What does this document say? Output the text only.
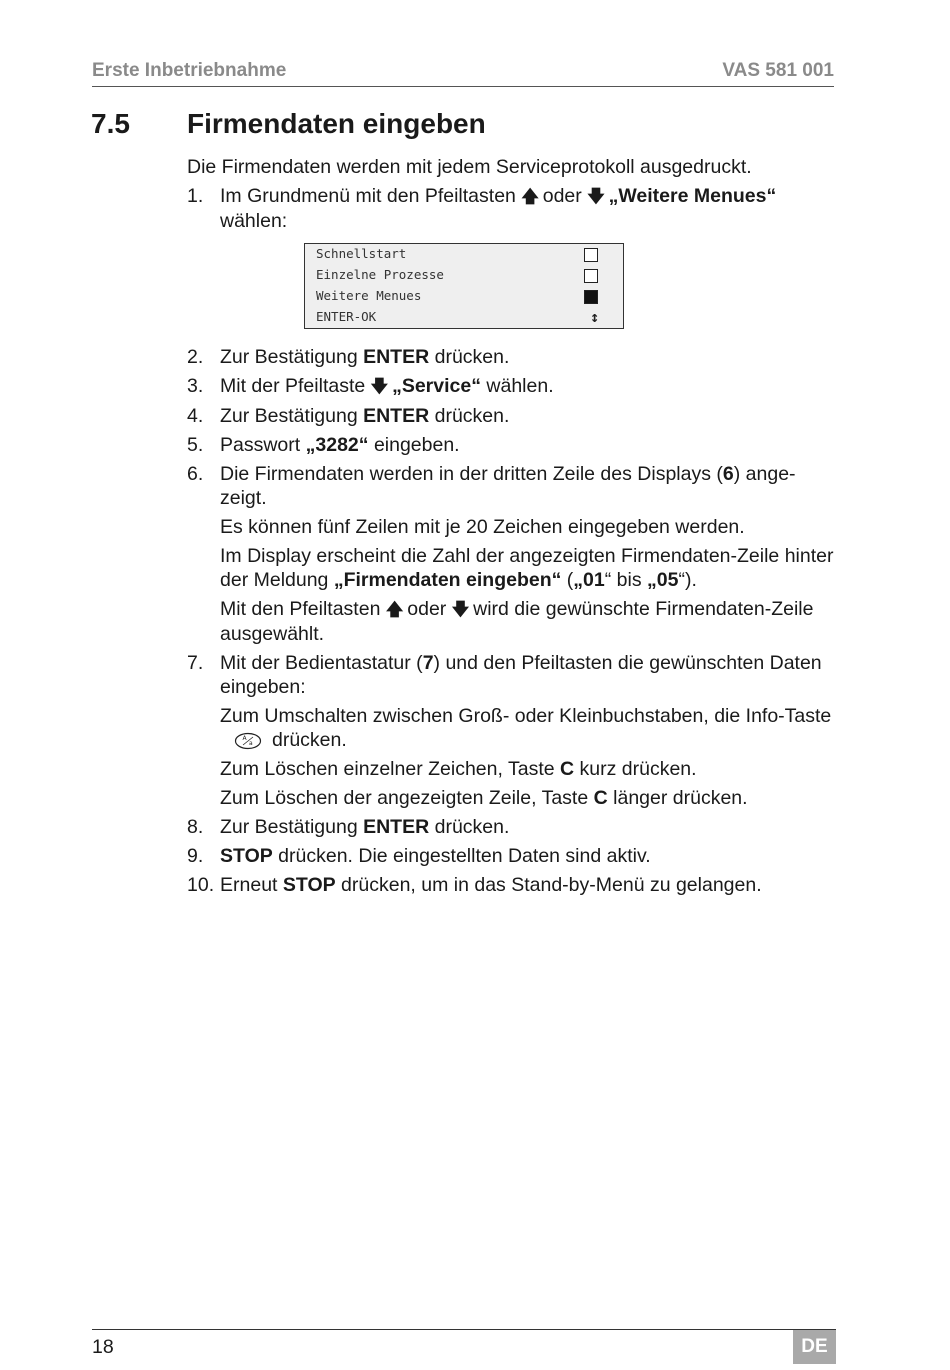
Erste Inbetriebnahme	VAS 581 001
7.5 Firmendaten eingeben

Die Firmendaten werden mit jedem Serviceprotokoll ausgedruckt.

1. Im Grundmenü mit den Pfeiltasten 🡅 oder 🡇 „Weitere Menues“ wählen:

Schnellstart
Einzelne Prozesse
Weitere Menues
ENTER-OK	↕
2. Zur Bestätigung ENTER drücken.

3. Mit der Pfeiltaste 🡇 „Service“ wählen.

4. Zur Bestätigung ENTER drücken.

5. Passwort „3282“ eingeben.

6. Die Firmendaten werden in der dritten Zeile des Displays (6) ange-zeigt.

Es können fünf Zeilen mit je 20 Zeichen eingegeben werden.

Im Display erscheint die Zahl der angezeigten Firmendaten-Zeile hinter der Meldung „Firmendaten eingeben“ („01“ bis „05“).

Mit den Pfeiltasten 🡅 oder 🡇 wird die gewünschte Firmendaten-Zeile ausgewählt.

7. Mit der Bedientastatur (7) und den Pfeiltasten die gewünschten Daten eingeben:

Zum Umschalten zwischen Groß- oder Kleinbuchstaben, die Info-Taste
A
a drücken.

Zum Löschen einzelner Zeichen, Taste C kurz drücken.

Zum Löschen der angezeigten Zeile, Taste C länger drücken.

8. Zur Bestätigung ENTER drücken.

9. STOP drücken. Die eingestellten Daten sind aktiv.

10. Erneut STOP drücken, um in das Stand-by-Menü zu gelangen.

18	DE
